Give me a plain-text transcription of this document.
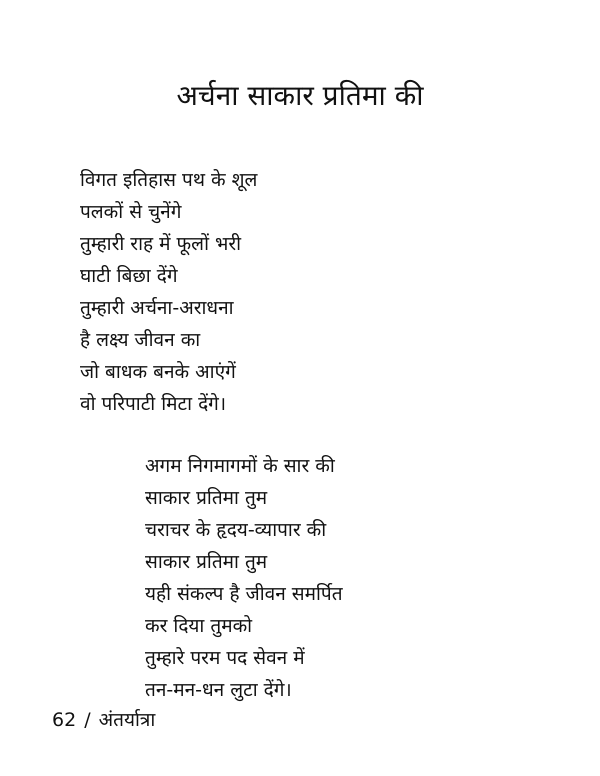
अर्चना साकार प्रतिमा की
विगत इतिहास पथ के शूल
पलकों से चुनेंगे
तुम्हारी राह में फूलों भरी
घाटी बिछा देंगे
तुम्हारी अर्चना-अराधना
है लक्ष्य जीवन का
जो बाधक बनके आएंगें
वो परिपाटी मिटा देंगे।
अगम निगमागमों के सार की
साकार प्रतिमा तुम
चराचर के हृदय-व्यापार की
साकार प्रतिमा तुम
यही संकल्प है जीवन समर्पित
कर दिया तुमको
तुम्हारे परम पद सेवन में
तन-मन-धन लुटा देंगे।
62 / अंतर्यात्रा
